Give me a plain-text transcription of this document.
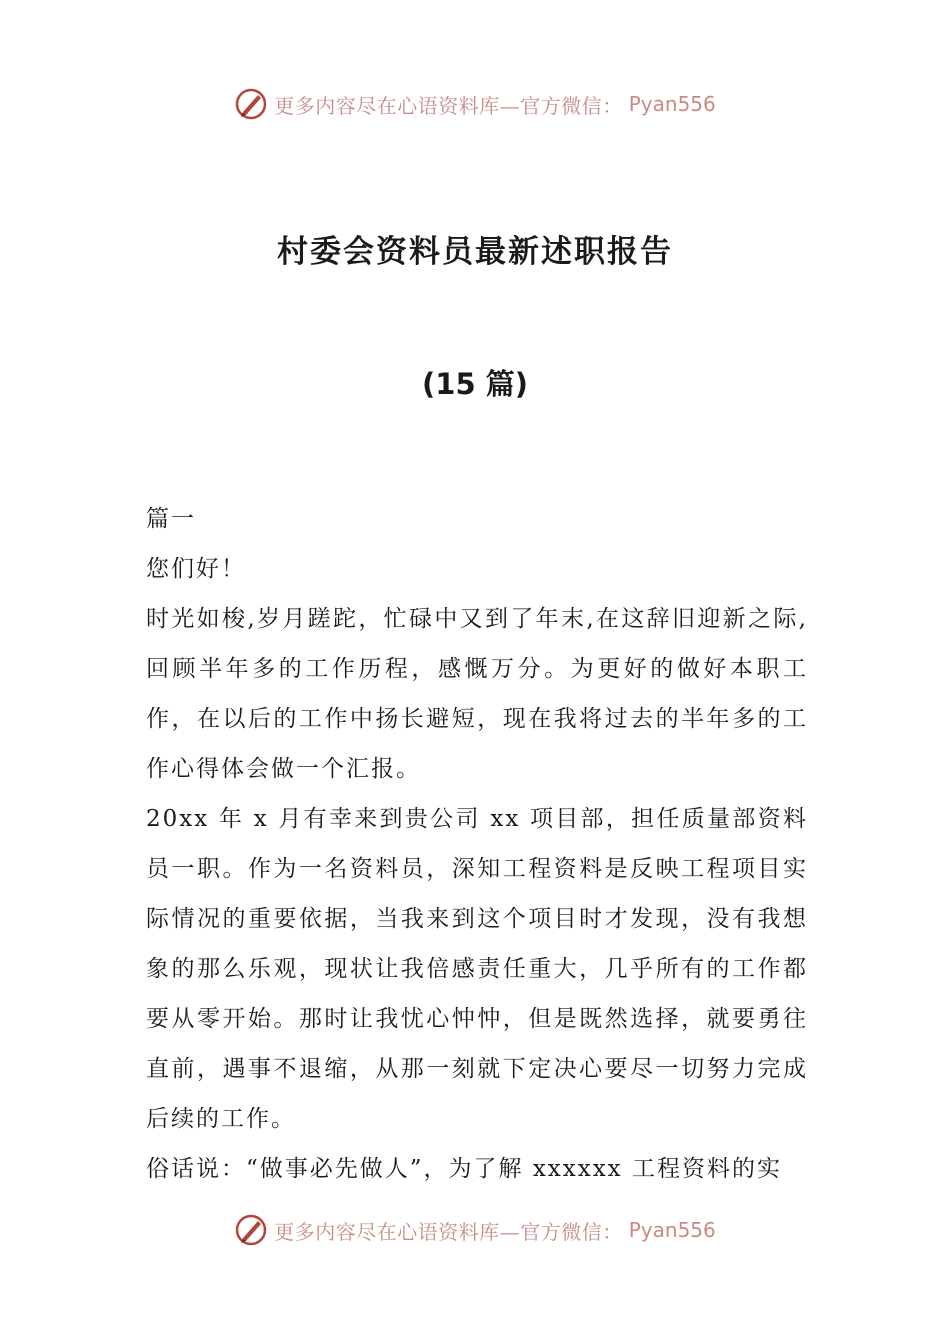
更多内容尽在心语资料库—官方微信： Pyan556
村委会资料员最新述职报告
(15 篇)

篇一

您们好！

时光如梭,岁月蹉跎，忙碌中又到了年末,在这辞旧迎新之际,回顾半年多的工作历程，感慨万分。为更好的做好本职工作，在以后的工作中扬长避短，现在我将过去的半年多的工作心得体会做一个汇报。

20xx 年 x 月有幸来到贵公司 xx 项目部，担任质量部资料员一职。作为一名资料员，深知工程资料是反映工程项目实际情况的重要依据，当我来到这个项目时才发现，没有我想象的那么乐观，现状让我倍感责任重大，几乎所有的工作都要从零开始。那时让我忧心忡忡，但是既然选择，就要勇往直前，遇事不退缩，从那一刻就下定决心要尽一切努力完成后续的工作。

俗话说：“做事必先做人”，为了解 xxxxxx 工程资料的实

更多内容尽在心语资料库—官方微信： Pyan556
